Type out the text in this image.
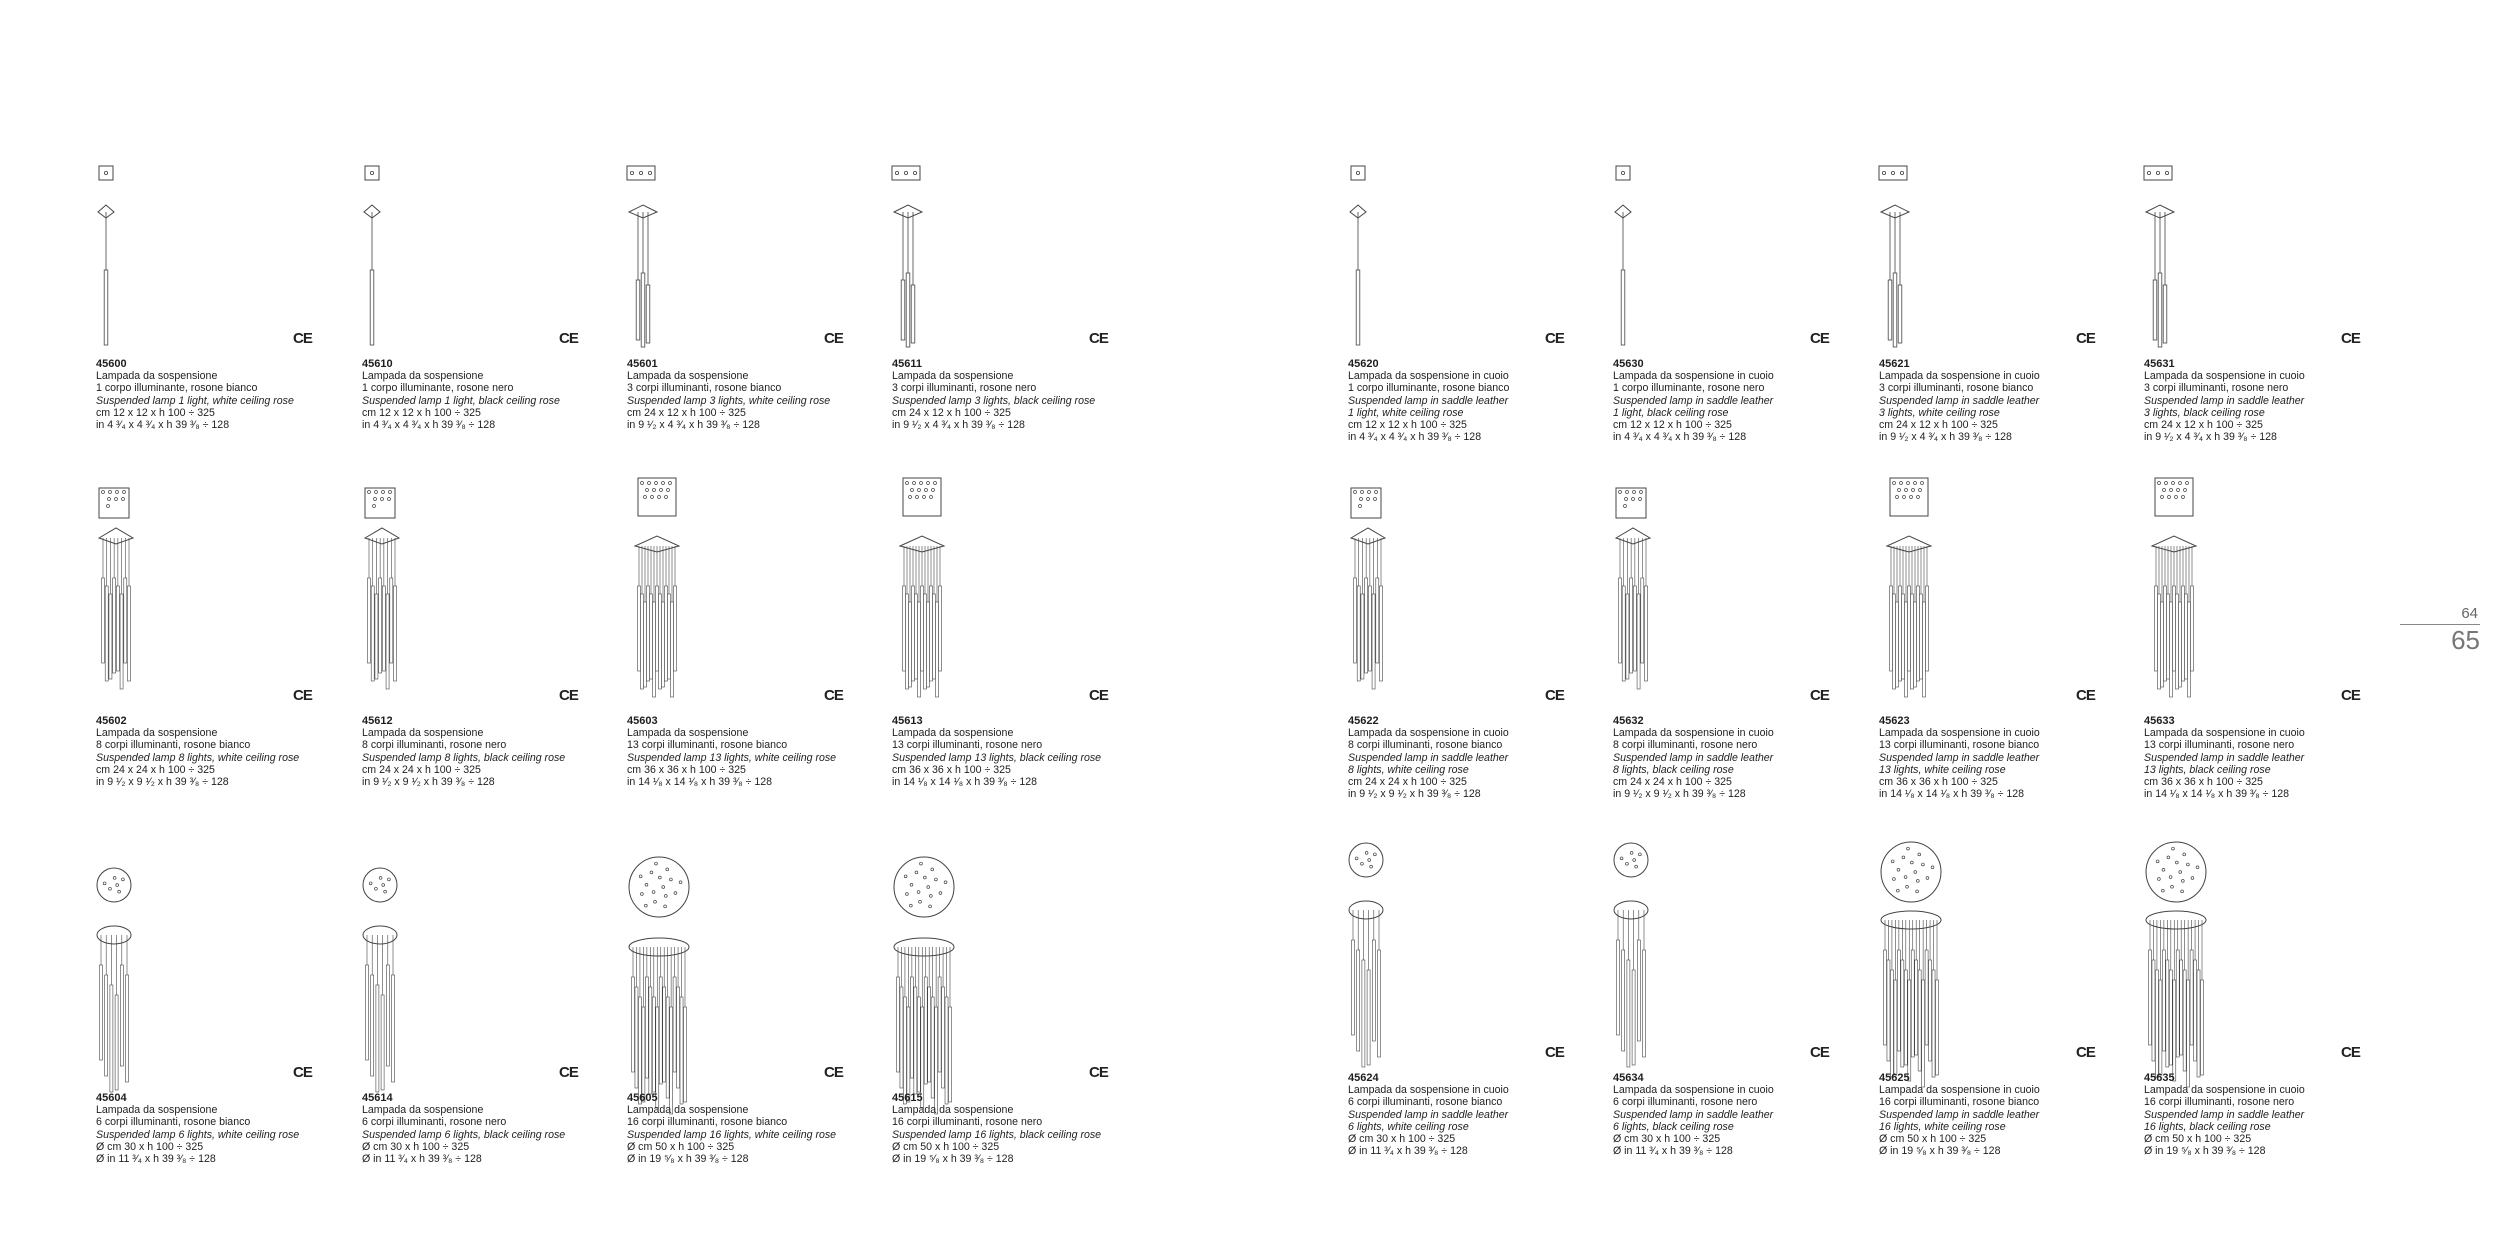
CE
45600
Lampada da sospensione
1 corpo illuminante, rosone bianco
Suspended lamp 1 light, white ceiling rose
cm 12 x 12 x h 100 ÷ 325
in 4 ³⁄₄ x 4 ³⁄₄ x h 39 ³⁄₈ ÷ 128
CE
45610
Lampada da sospensione
1 corpo illuminante, rosone nero
Suspended lamp 1 light, black ceiling rose
cm 12 x 12 x h 100 ÷ 325
in 4 ³⁄₄ x 4 ³⁄₄ x h 39 ³⁄₈ ÷ 128
CE
45601
Lampada da sospensione
3 corpi illuminanti, rosone bianco
Suspended lamp 3 lights, white ceiling rose
cm 24 x 12 x h 100 ÷ 325
in 9 ¹⁄₂ x 4 ³⁄₄ x h 39 ³⁄₈ ÷ 128
CE
45611
Lampada da sospensione
3 corpi illuminanti, rosone nero
Suspended lamp 3 lights, black ceiling rose
cm 24 x 12 x h 100 ÷ 325
in 9 ¹⁄₂ x 4 ³⁄₄ x h 39 ³⁄₈ ÷ 128
CE
45620
Lampada da sospensione in cuoio
1 corpo illuminante, rosone bianco
Suspended lamp in saddle leather
1 light, white ceiling rose
cm 12 x 12 x h 100 ÷ 325
in 4 ³⁄₄ x 4 ³⁄₄ x h 39 ³⁄₈ ÷ 128
CE
45630
Lampada da sospensione in cuoio
1 corpo illuminante, rosone nero
Suspended lamp in saddle leather
1 light, black ceiling rose
cm 12 x 12 x h 100 ÷ 325
in 4 ³⁄₄ x 4 ³⁄₄ x h 39 ³⁄₈ ÷ 128
CE
45621
Lampada da sospensione in cuoio
3 corpi illuminanti, rosone bianco
Suspended lamp in saddle leather
3 lights, white ceiling rose
cm 24 x 12 x h 100 ÷ 325
in 9 ¹⁄₂ x 4 ³⁄₄ x h 39 ³⁄₈ ÷ 128
CE
45631
Lampada da sospensione in cuoio
3 corpi illuminanti, rosone nero
Suspended lamp in saddle leather
3 lights, black ceiling rose
cm 24 x 12 x h 100 ÷ 325
in 9 ¹⁄₂ x 4 ³⁄₄ x h 39 ³⁄₈ ÷ 128
CE
45602
Lampada da sospensione
8 corpi illuminanti, rosone bianco
Suspended lamp 8 lights, white ceiling rose
cm 24 x 24 x h 100 ÷ 325
in 9 ¹⁄₂ x 9 ¹⁄₂ x h 39 ³⁄₈ ÷ 128
CE
45612
Lampada da sospensione
8 corpi illuminanti, rosone nero
Suspended lamp 8 lights, black ceiling rose
cm 24 x 24 x h 100 ÷ 325
in 9 ¹⁄₂ x 9 ¹⁄₂ x h 39 ³⁄₈ ÷ 128
CE
45603
Lampada da sospensione
13 corpi illuminanti, rosone bianco
Suspended lamp 13 lights, white ceiling rose
cm 36 x 36 x h 100 ÷ 325
in 14 ¹⁄₈ x 14 ¹⁄₈ x h 39 ³⁄₈ ÷ 128
CE
45613
Lampada da sospensione
13 corpi illuminanti, rosone nero
Suspended lamp 13 lights, black ceiling rose
cm 36 x 36 x h 100 ÷ 325
in 14 ¹⁄₈ x 14 ¹⁄₈ x h 39 ³⁄₈ ÷ 128
CE
45622
Lampada da sospensione in cuoio
8 corpi illuminanti, rosone bianco
Suspended lamp in saddle leather
8 lights, white ceiling rose
cm 24 x 24 x h 100 ÷ 325
in 9 ¹⁄₂ x 9 ¹⁄₂ x h 39 ³⁄₈ ÷ 128
CE
45632
Lampada da sospensione in cuoio
8 corpi illuminanti, rosone nero
Suspended lamp in saddle leather
8 lights, black ceiling rose
cm 24 x 24 x h 100 ÷ 325
in 9 ¹⁄₂ x 9 ¹⁄₂ x h 39 ³⁄₈ ÷ 128
CE
45623
Lampada da sospensione in cuoio
13 corpi illuminanti, rosone bianco
Suspended lamp in saddle leather
13 lights, white ceiling rose
cm 36 x 36 x h 100 ÷ 325
in 14 ¹⁄₈ x 14 ¹⁄₈ x h 39 ³⁄₈ ÷ 128
CE
45633
Lampada da sospensione in cuoio
13 corpi illuminanti, rosone nero
Suspended lamp in saddle leather
13 lights, black ceiling rose
cm 36 x 36 x h 100 ÷ 325
in 14 ¹⁄₈ x 14 ¹⁄₈ x h 39 ³⁄₈ ÷ 128
CE
45604
Lampada da sospensione
6 corpi illuminanti, rosone bianco
Suspended lamp 6 lights, white ceiling rose
Ø cm 30 x h 100 ÷ 325
Ø in 11 ³⁄₄ x h 39 ³⁄₈ ÷ 128
CE
45614
Lampada da sospensione
6 corpi illuminanti, rosone nero
Suspended lamp 6 lights, black ceiling rose
Ø cm 30 x h 100 ÷ 325
Ø in 11 ³⁄₄ x h 39 ³⁄₈ ÷ 128
CE
45605
Lampada da sospensione
16 corpi illuminanti, rosone bianco
Suspended lamp 16 lights, white ceiling rose
Ø cm 50 x h 100 ÷ 325
Ø in 19 ⁵⁄₈ x h 39 ³⁄₈ ÷ 128
CE
45615
Lampada da sospensione
16 corpi illuminanti, rosone nero
Suspended lamp 16 lights, black ceiling rose
Ø cm 50 x h 100 ÷ 325
Ø in 19 ⁵⁄₈ x h 39 ³⁄₈ ÷ 128
CE
45624
Lampada da sospensione in cuoio
6 corpi illuminanti, rosone bianco
Suspended lamp in saddle leather
6 lights, white ceiling rose
Ø cm 30 x h 100 ÷ 325
Ø in 11 ³⁄₄ x h 39 ³⁄₈ ÷ 128
CE
45634
Lampada da sospensione in cuoio
6 corpi illuminanti, rosone nero
Suspended lamp in saddle leather
6 lights, black ceiling rose
Ø cm 30 x h 100 ÷ 325
Ø in 11 ³⁄₄ x h 39 ³⁄₈ ÷ 128
CE
45625
Lampada da sospensione in cuoio
16 corpi illuminanti, rosone bianco
Suspended lamp in saddle leather
16 lights, white ceiling rose
Ø cm 50 x h 100 ÷ 325
Ø in 19 ⁵⁄₈ x h 39 ³⁄₈ ÷ 128
CE
45635
Lampada da sospensione in cuoio
16 corpi illuminanti, rosone nero
Suspended lamp in saddle leather
16 lights, black ceiling rose
Ø cm 50 x h 100 ÷ 325
Ø in 19 ⁵⁄₈ x h 39 ³⁄₈ ÷ 128
64
65
